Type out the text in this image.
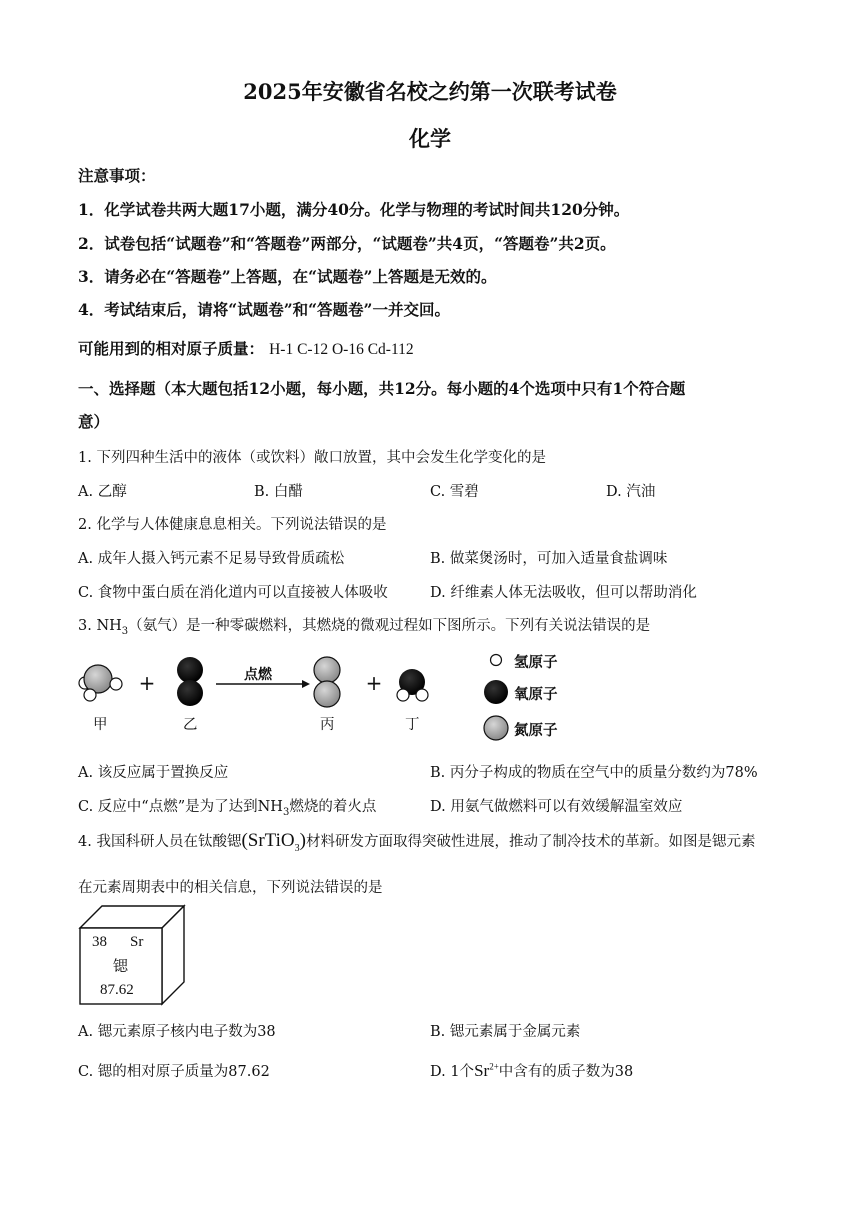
2025年安徽省名校之约第一次联考试卷
化学
注意事项：
1．化学试卷共两大题17小题，满分40分。化学与物理的考试时间共120分钟。
2．试卷包括“试题卷”和“答题卷”两部分，“试题卷”共4页，“答题卷”共2页。
3．请务必在“答题卷”上答题，在“试题卷”上答题是无效的。
4．考试结束后，请将“试题卷”和“答题卷”一并交回。
可能用到的相对原子质量： H-1 C-12 O-16 Cd-112
一、选择题（本大题包括12小题，每小题，共12分。每小题的4个选项中只有1个符合题
意）
1. 下列四种生活中的液体（或饮料）敞口放置，其中会发生化学变化的是
A. 乙醇	B. 白醋	C. 雪碧	D. 汽油
2. 化学与人体健康息息相关。下列说法错误的是
A. 成年人摄入钙元素不足易导致骨质疏松	B. 做菜煲汤时，可加入适量食盐调味
C. 食物中蛋白质在消化道内可以直接被人体吸收	D. 纤维素人体无法吸收，但可以帮助消化
3. $NH_3$（氨气）是一种零碳燃料，其燃烧的微观过程如下图所示。下列有关说法错误的是
+	+
点燃
甲	乙	丙	丁
氢原子
氧原子
氮原子
A. 该反应属于置换反应	B. 丙分子构成的物质在空气中的质量分数约为78%
C. 反应中“点燃”是为了达到$NH_3$燃烧的着火点	D. 用氨气做燃料可以有效缓解温室效应
4. 我国科研人员在钛酸锶(SrTiO$_3$)材料研发方面取得突破性进展，推动了制冷技术的革新。如图是锶元素
在元素周期表中的相关信息，下列说法错误的是
38 Sr
锶
87.62
A. 锶元素原子核内电子数为38	B. 锶元素属于金属元素
C. 锶的相对原子质量为87.62	D. 1个$Sr^{2+}$中含有的质子数为38
